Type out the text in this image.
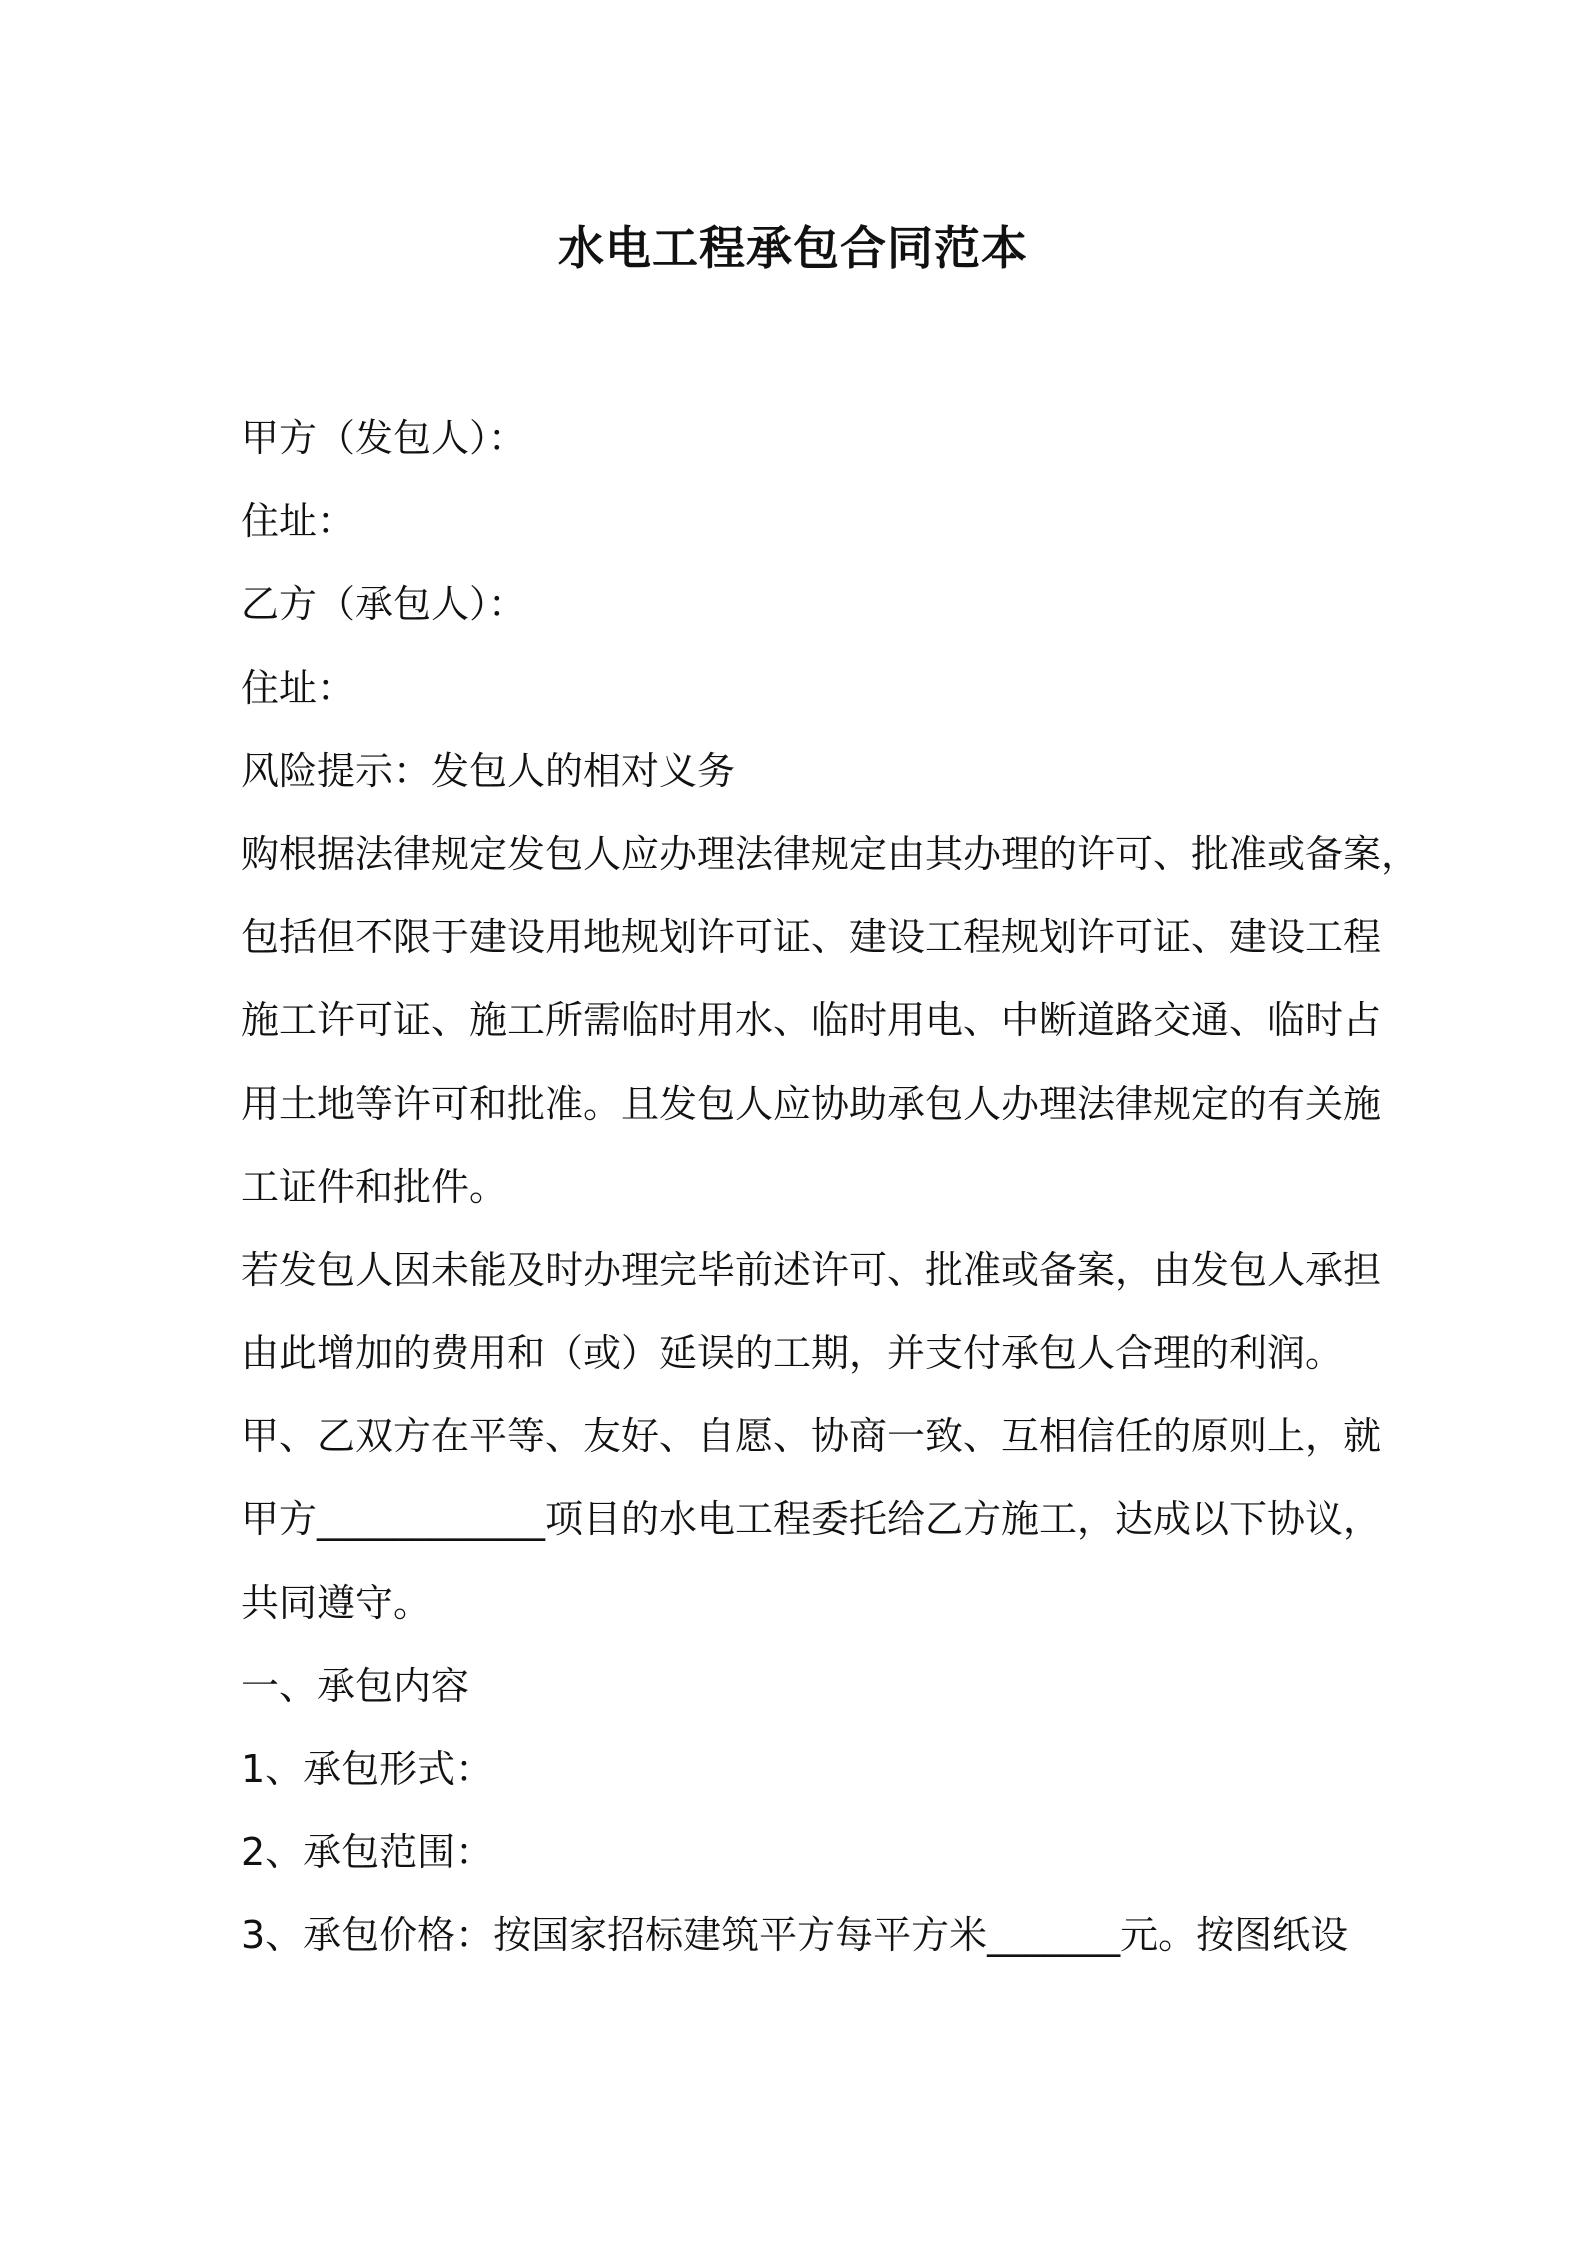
水电工程承包合同范本
甲方（发包人）：
住址：
乙方（承包人）：
住址：
风险提示：发包人的相对义务
购根据法律规定发包人应办理法律规定由其办理的许可、批准或备案，
包括但不限于建设用地规划许可证、建设工程规划许可证、建设工程
施工许可证、施工所需临时用水、临时用电、中断道路交通、临时占
用土地等许可和批准。且发包人应协助承包人办理法律规定的有关施
工证件和批件。
若发包人因未能及时办理完毕前述许可、批准或备案，由发包人承担
由此增加的费用和（或）延误的工期，并支付承包人合理的利润。
甲、乙双方在平等、友好、自愿、协商一致、互相信任的原则上，就
甲方____________项目的水电工程委托给乙方施工，达成以下协议，
共同遵守。
一、承包内容
1、承包形式：
2、承包范围：
3、承包价格：按国家招标建筑平方每平方米_______元。按图纸设
